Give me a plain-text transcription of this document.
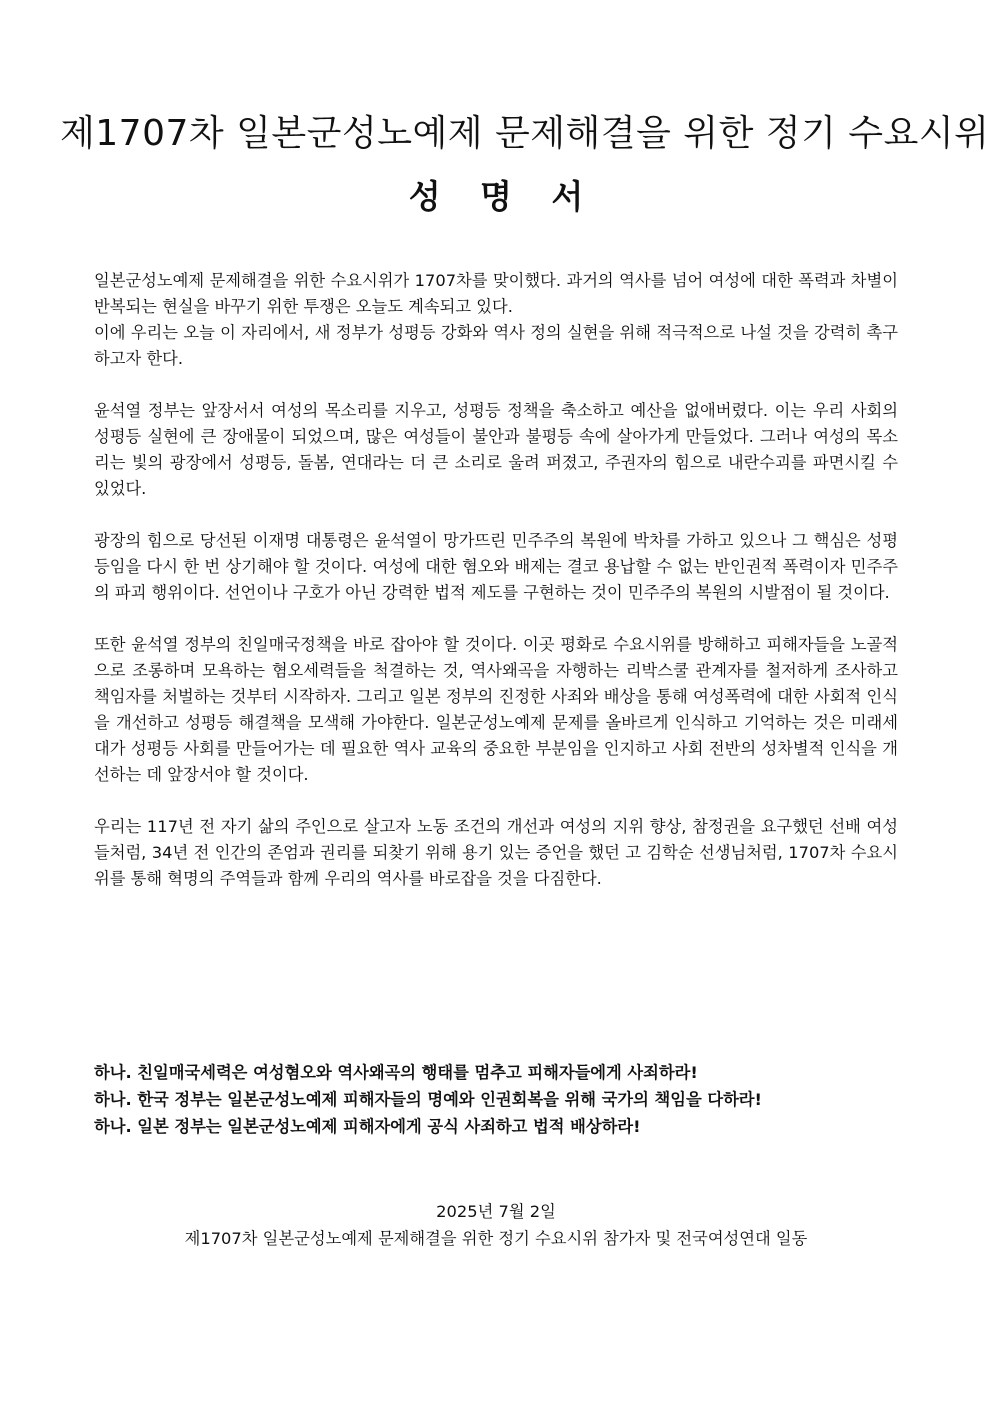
제1707차 일본군성노예제 문제해결을 위한 정기 수요시위
성 명 서

일본군성노예제 문제해결을 위한 수요시위가 1707차를 맞이했다. 과거의 역사를 넘어 여성에 대한 폭력과 차별이 반복되는 현실을 바꾸기 위한 투쟁은 오늘도 계속되고 있다.

이에 우리는 오늘 이 자리에서, 새 정부가 성평등 강화와 역사 정의 실현을 위해 적극적으로 나설 것을 강력히 촉구하고자 한다.

윤석열 정부는 앞장서서 여성의 목소리를 지우고, 성평등 정책을 축소하고 예산을 없애버렸다. 이는 우리 사회의 성평등 실현에 큰 장애물이 되었으며, 많은 여성들이 불안과 불평등 속에 살아가게 만들었다. 그러나 여성의 목소리는 빛의 광장에서 성평등, 돌봄, 연대라는 더 큰 소리로 울려 퍼졌고, 주권자의 힘으로 내란수괴를 파면시킬 수 있었다.

광장의 힘으로 당선된 이재명 대통령은 윤석열이 망가뜨린 민주주의 복원에 박차를 가하고 있으나 그 핵심은 성평등임을 다시 한 번 상기해야 할 것이다. 여성에 대한 혐오와 배제는 결코 용납할 수 없는 반인권적 폭력이자 민주주의 파괴 행위이다. 선언이나 구호가 아닌 강력한 법적 제도를 구현하는 것이 민주주의 복원의 시발점이 될 것이다.

또한 윤석열 정부의 친일매국정책을 바로 잡아야 할 것이다. 이곳 평화로 수요시위를 방해하고 피해자들을 노골적으로 조롱하며 모욕하는 혐오세력들을 척결하는 것, 역사왜곡을 자행하는 리박스쿨 관계자를 철저하게 조사하고 책임자를 처벌하는 것부터 시작하자. 그리고 일본 정부의 진정한 사죄와 배상을 통해 여성폭력에 대한 사회적 인식을 개선하고 성평등 해결책을 모색해 가야한다. 일본군성노예제 문제를 올바르게 인식하고 기억하는 것은 미래세대가 성평등 사회를 만들어가는 데 필요한 역사 교육의 중요한 부분임을 인지하고 사회 전반의 성차별적 인식을 개선하는 데 앞장서야 할 것이다.

우리는 117년 전 자기 삶의 주인으로 살고자 노동 조건의 개선과 여성의 지위 향상, 참정권을 요구했던 선배 여성들처럼, 34년 전 인간의 존엄과 권리를 되찾기 위해 용기 있는 증언을 했던 고 김학순 선생님처럼, 1707차 수요시위를 통해 혁명의 주역들과 함께 우리의 역사를 바로잡을 것을 다짐한다.

하나. 친일매국세력은 여성혐오와 역사왜곡의 행태를 멈추고 피해자들에게 사죄하라!
하나. 한국 정부는 일본군성노예제 피해자들의 명예와 인권회복을 위해 국가의 책임을 다하라!
하나. 일본 정부는 일본군성노예제 피해자에게 공식 사죄하고 법적 배상하라!
2025년 7월 2일
제1707차 일본군성노예제 문제해결을 위한 정기 수요시위 참가자 및 전국여성연대 일동
